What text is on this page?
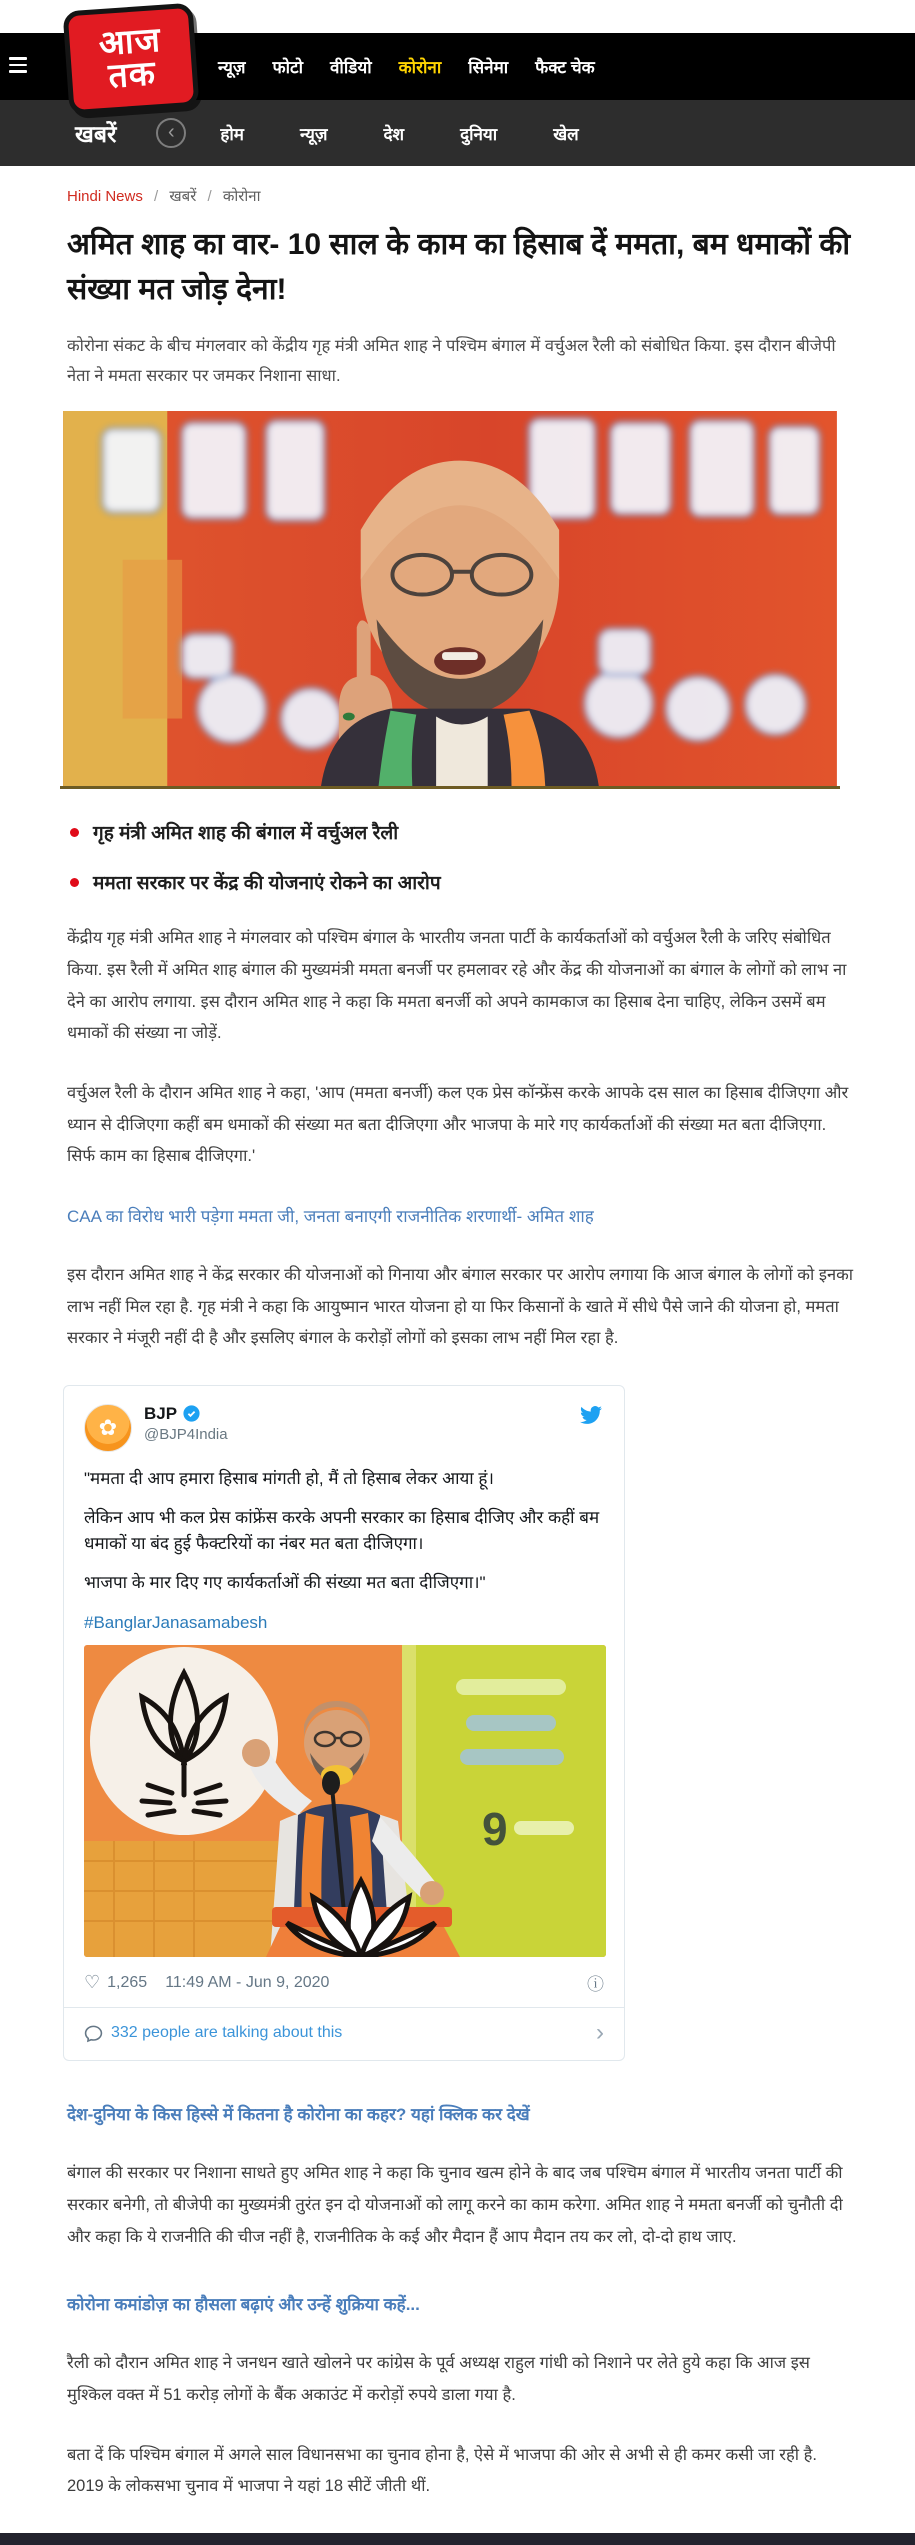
आज
तक	न्यूज़ फोटो वीडियो कोरोना सिनेमा फैक्ट चेक
खबरें	‹	होम	न्यूज़	देश	दुनिया	खेल
Hindi News / खबरें / कोरोना
अमित शाह का वार- 10 साल के काम का हिसाब दें ममता, बम धमाकों की संख्या मत जोड़ देना!

कोरोना संकट के बीच मंगलवार को केंद्रीय गृह मंत्री अमित शाह ने पश्चिम बंगाल में वर्चुअल रैली को संबोधित किया. इस दौरान बीजेपी नेता ने ममता सरकार पर जमकर निशाना साधा.

गृह मंत्री अमित शाह की बंगाल में वर्चुअल रैली
ममता सरकार पर केंद्र की योजनाएं रोकने का आरोप

केंद्रीय गृह मंत्री अमित शाह ने मंगलवार को पश्चिम बंगाल के भारतीय जनता पार्टी के कार्यकर्ताओं को वर्चुअल रैली के जरिए संबोधित किया. इस रैली में अमित शाह बंगाल की मुख्यमंत्री ममता बनर्जी पर हमलावर रहे और केंद्र की योजनाओं का बंगाल के लोगों को लाभ ना देने का आरोप लगाया. इस दौरान अमित शाह ने कहा कि ममता बनर्जी को अपने कामकाज का हिसाब देना चाहिए, लेकिन उसमें बम धमाकों की संख्या ना जोड़ें.

वर्चुअल रैली के दौरान अमित शाह ने कहा, 'आप (ममता बनर्जी) कल एक प्रेस कॉन्फ्रेंस करके आपके दस साल का हिसाब दीजिएगा और ध्यान से दीजिएगा कहीं बम धमाकों की संख्या मत बता दीजिएगा और भाजपा के मारे गए कार्यकर्ताओं की संख्या मत बता दीजिएगा. सिर्फ काम का हिसाब दीजिएगा.'

CAA का विरोध भारी पड़ेगा ममता जी, जनता बनाएगी राजनीतिक शरणार्थी- अमित शाह

इस दौरान अमित शाह ने केंद्र सरकार की योजनाओं को गिनाया और बंगाल सरकार पर आरोप लगाया कि आज बंगाल के लोगों को इनका लाभ नहीं मिल रहा है. गृह मंत्री ने कहा कि आयुष्मान भारत योजना हो या फिर किसानों के खाते में सीधे पैसे जाने की योजना हो, ममता सरकार ने मंजूरी नहीं दी है और इसलिए बंगाल के करोड़ों लोगों को इसका लाभ नहीं मिल रहा है.

✿
BJP
@BJP4India

"ममता दी आप हमारा हिसाब मांगती हो, मैं तो हिसाब लेकर आया हूं।

लेकिन आप भी कल प्रेस कांफ्रेंस करके अपनी सरकार का हिसाब दीजिए और कहीं बम धमाकों या बंद हुई फैक्टरियों का नंबर मत बता दीजिएगा।

भाजपा के मार दिए गए कार्यकर्ताओं की संख्या मत बता दीजिएगा।"

#BanglarJanasamabesh
9
♡ 1,265 11:49 AM - Jun 9, 2020	ⓘ
332 people are talking about this	›

देश-दुनिया के किस हिस्से में कितना है कोरोना का कहर? यहां क्लिक कर देखें

बंगाल की सरकार पर निशाना साधते हुए अमित शाह ने कहा कि चुनाव खत्म होने के बाद जब पश्चिम बंगाल में भारतीय जनता पार्टी की सरकार बनेगी, तो बीजेपी का मुख्यमंत्री तुरंत इन दो योजनाओं को लागू करने का काम करेगा. अमित शाह ने ममता बनर्जी को चुनौती दी और कहा कि ये राजनीति की चीज नहीं है, राजनीतिक के कई और मैदान हैं आप मैदान तय कर लो, दो-दो हाथ जाए.

कोरोना कमांडोज़ का हौसला बढ़ाएं और उन्हें शुक्रिया कहें...

रैली को दौरान अमित शाह ने जनधन खाते खोलने पर कांग्रेस के पूर्व अध्यक्ष राहुल गांधी को निशाने पर लेते हुये कहा कि आज इस मुश्किल वक्त में 51 करोड़ लोगों के बैंक अकाउंट में करोड़ों रुपये डाला गया है.

बता दें कि पश्चिम बंगाल में अगले साल विधानसभा का चुनाव होना है, ऐसे में भाजपा की ओर से अभी से ही कमर कसी जा रही है. 2019 के लोकसभा चुनाव में भाजपा ने यहां 18 सीटें जीती थीं.
